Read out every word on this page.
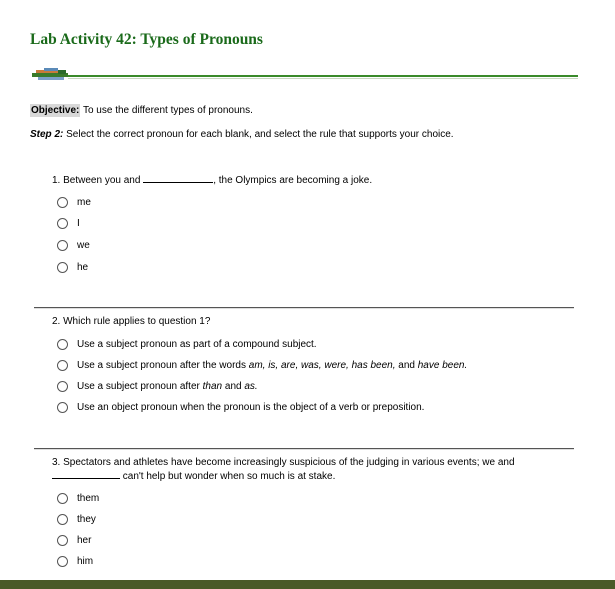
Lab Activity 42: Types of Pronouns
Objective: To use the different types of pronouns.
Step 2: Select the correct pronoun for each blank, and select the rule that supports your choice.
1. Between you and	, the Olympics are becoming a joke.
me
I
we
he
2. Which rule applies to question 1?
Use a subject pronoun as part of a compound subject.
Use a subject pronoun after the words am, is, are, was, were, has been, and have been.
Use a subject pronoun after than and as.
Use an object pronoun when the pronoun is the object of a verb or preposition.
3. Spectators and athletes have become increasingly suspicious of the judging in various events; we and
can't help but wonder when so much is at stake.
them
they
her
him
